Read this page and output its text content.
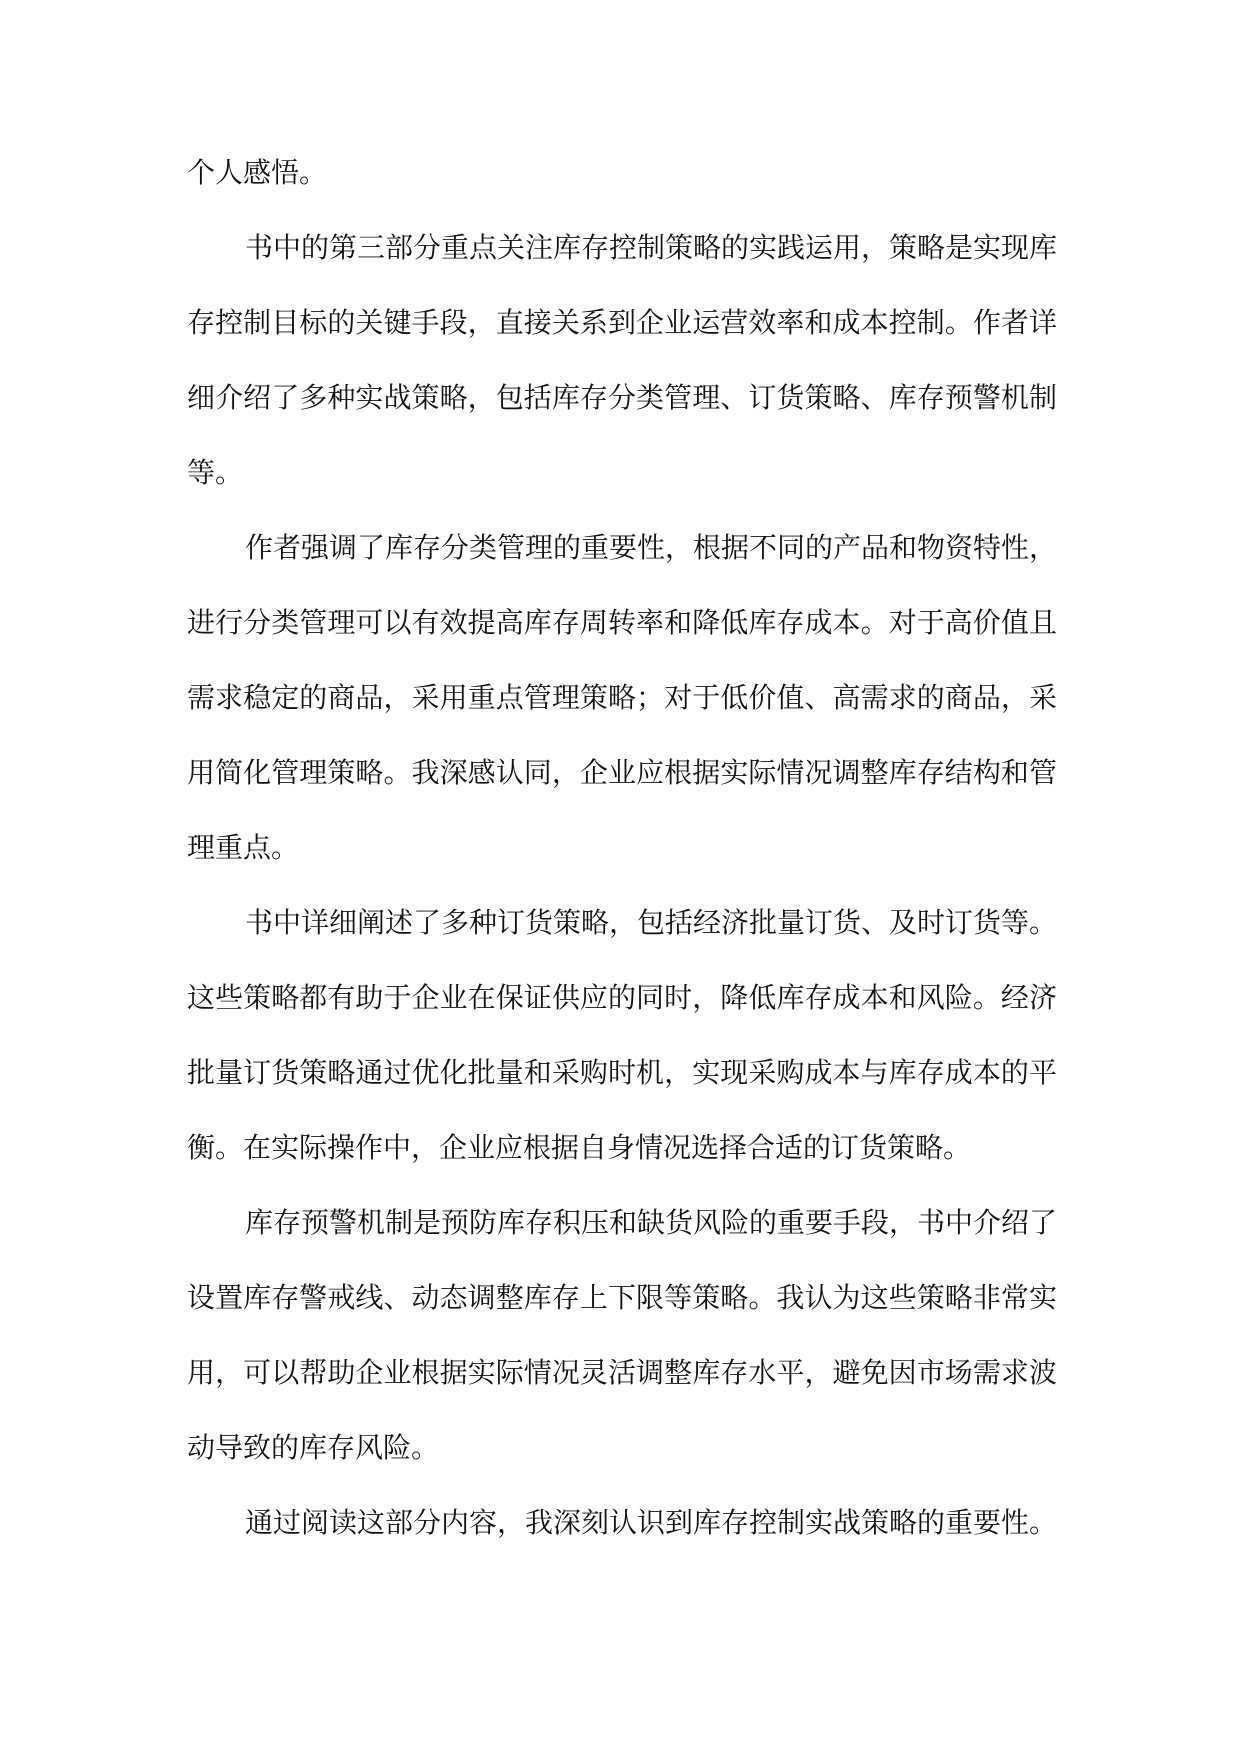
个人感悟。

书中的第三部分重点关注库存控制策略的实践运用，策略是实现库存控制目标的关键手段，直接关系到企业运营效率和成本控制。作者详细介绍了多种实战策略，包括库存分类管理、订货策略、库存预警机制等。

作者强调了库存分类管理的重要性，根据不同的产品和物资特性，进行分类管理可以有效提高库存周转率和降低库存成本。对于高价值且需求稳定的商品，采用重点管理策略；对于低价值、高需求的商品，采用简化管理策略。我深感认同，企业应根据实际情况调整库存结构和管理重点。

书中详细阐述了多种订货策略，包括经济批量订货、及时订货等。这些策略都有助于企业在保证供应的同时，降低库存成本和风险。经济批量订货策略通过优化批量和采购时机，实现采购成本与库存成本的平衡。在实际操作中，企业应根据自身情况选择合适的订货策略。

库存预警机制是预防库存积压和缺货风险的重要手段，书中介绍了设置库存警戒线、动态调整库存上下限等策略。我认为这些策略非常实用，可以帮助企业根据实际情况灵活调整库存水平，避免因市场需求波动导致的库存风险。

通过阅读这部分内容，我深刻认识到库存控制实战策略的重要性。
